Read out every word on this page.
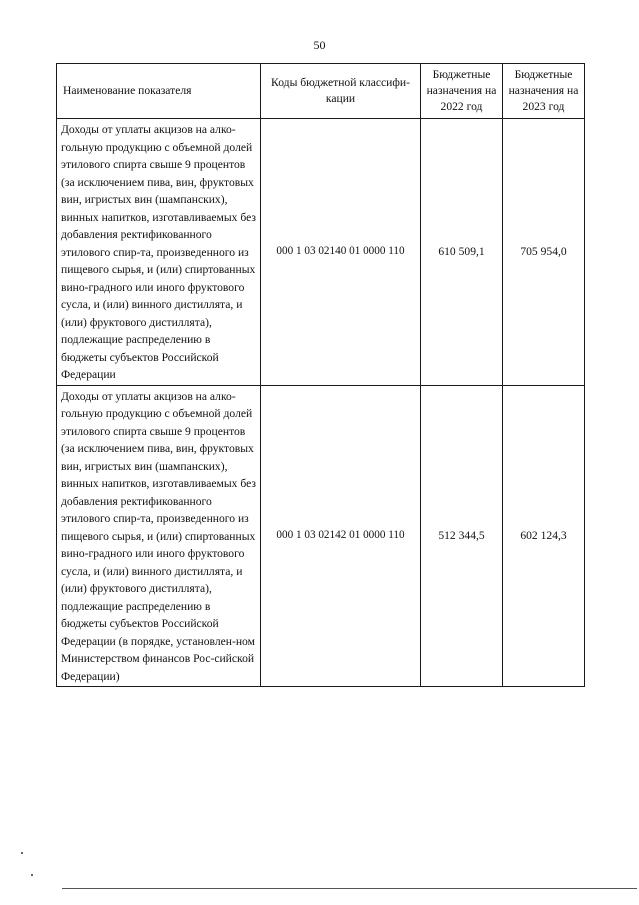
50
Наименование показателя	Коды бюджетной классифи-кации	Бюджетные назначения на 2022 год	Бюджетные назначения на 2023 год
Доходы от уплаты акцизов на алко-гольную продукцию с объемной долей этилового спирта свыше 9 процентов (за исключением пива, вин, фруктовых вин, игристых вин (шампанских), винных напитков, изготавливаемых без добавления ректификованного этилового спир-та, произведенного из пищевого сырья, и (или) спиртованных вино-градного или иного фруктового сусла, и (или) винного дистиллята, и (или) фруктового дистиллята), подлежащие распределению в бюджеты субъектов Российской Федерации	000 1 03 02140 01 0000 110	610 509,1	705 954,0
Доходы от уплаты акцизов на алко-гольную продукцию с объемной долей этилового спирта свыше 9 процентов (за исключением пива, вин, фруктовых вин, игристых вин (шампанских), винных напитков, изготавливаемых без добавления ректификованного этилового спир-та, произведенного из пищевого сырья, и (или) спиртованных вино-градного или иного фруктового сусла, и (или) винного дистиллята, и (или) фруктового дистиллята), подлежащие распределению в бюджеты субъектов Российской Федерации (в порядке, установлен-ном Министерством финансов Рос-сийской Федерации)	000 1 03 02142 01 0000 110	512 344,5	602 124,3
